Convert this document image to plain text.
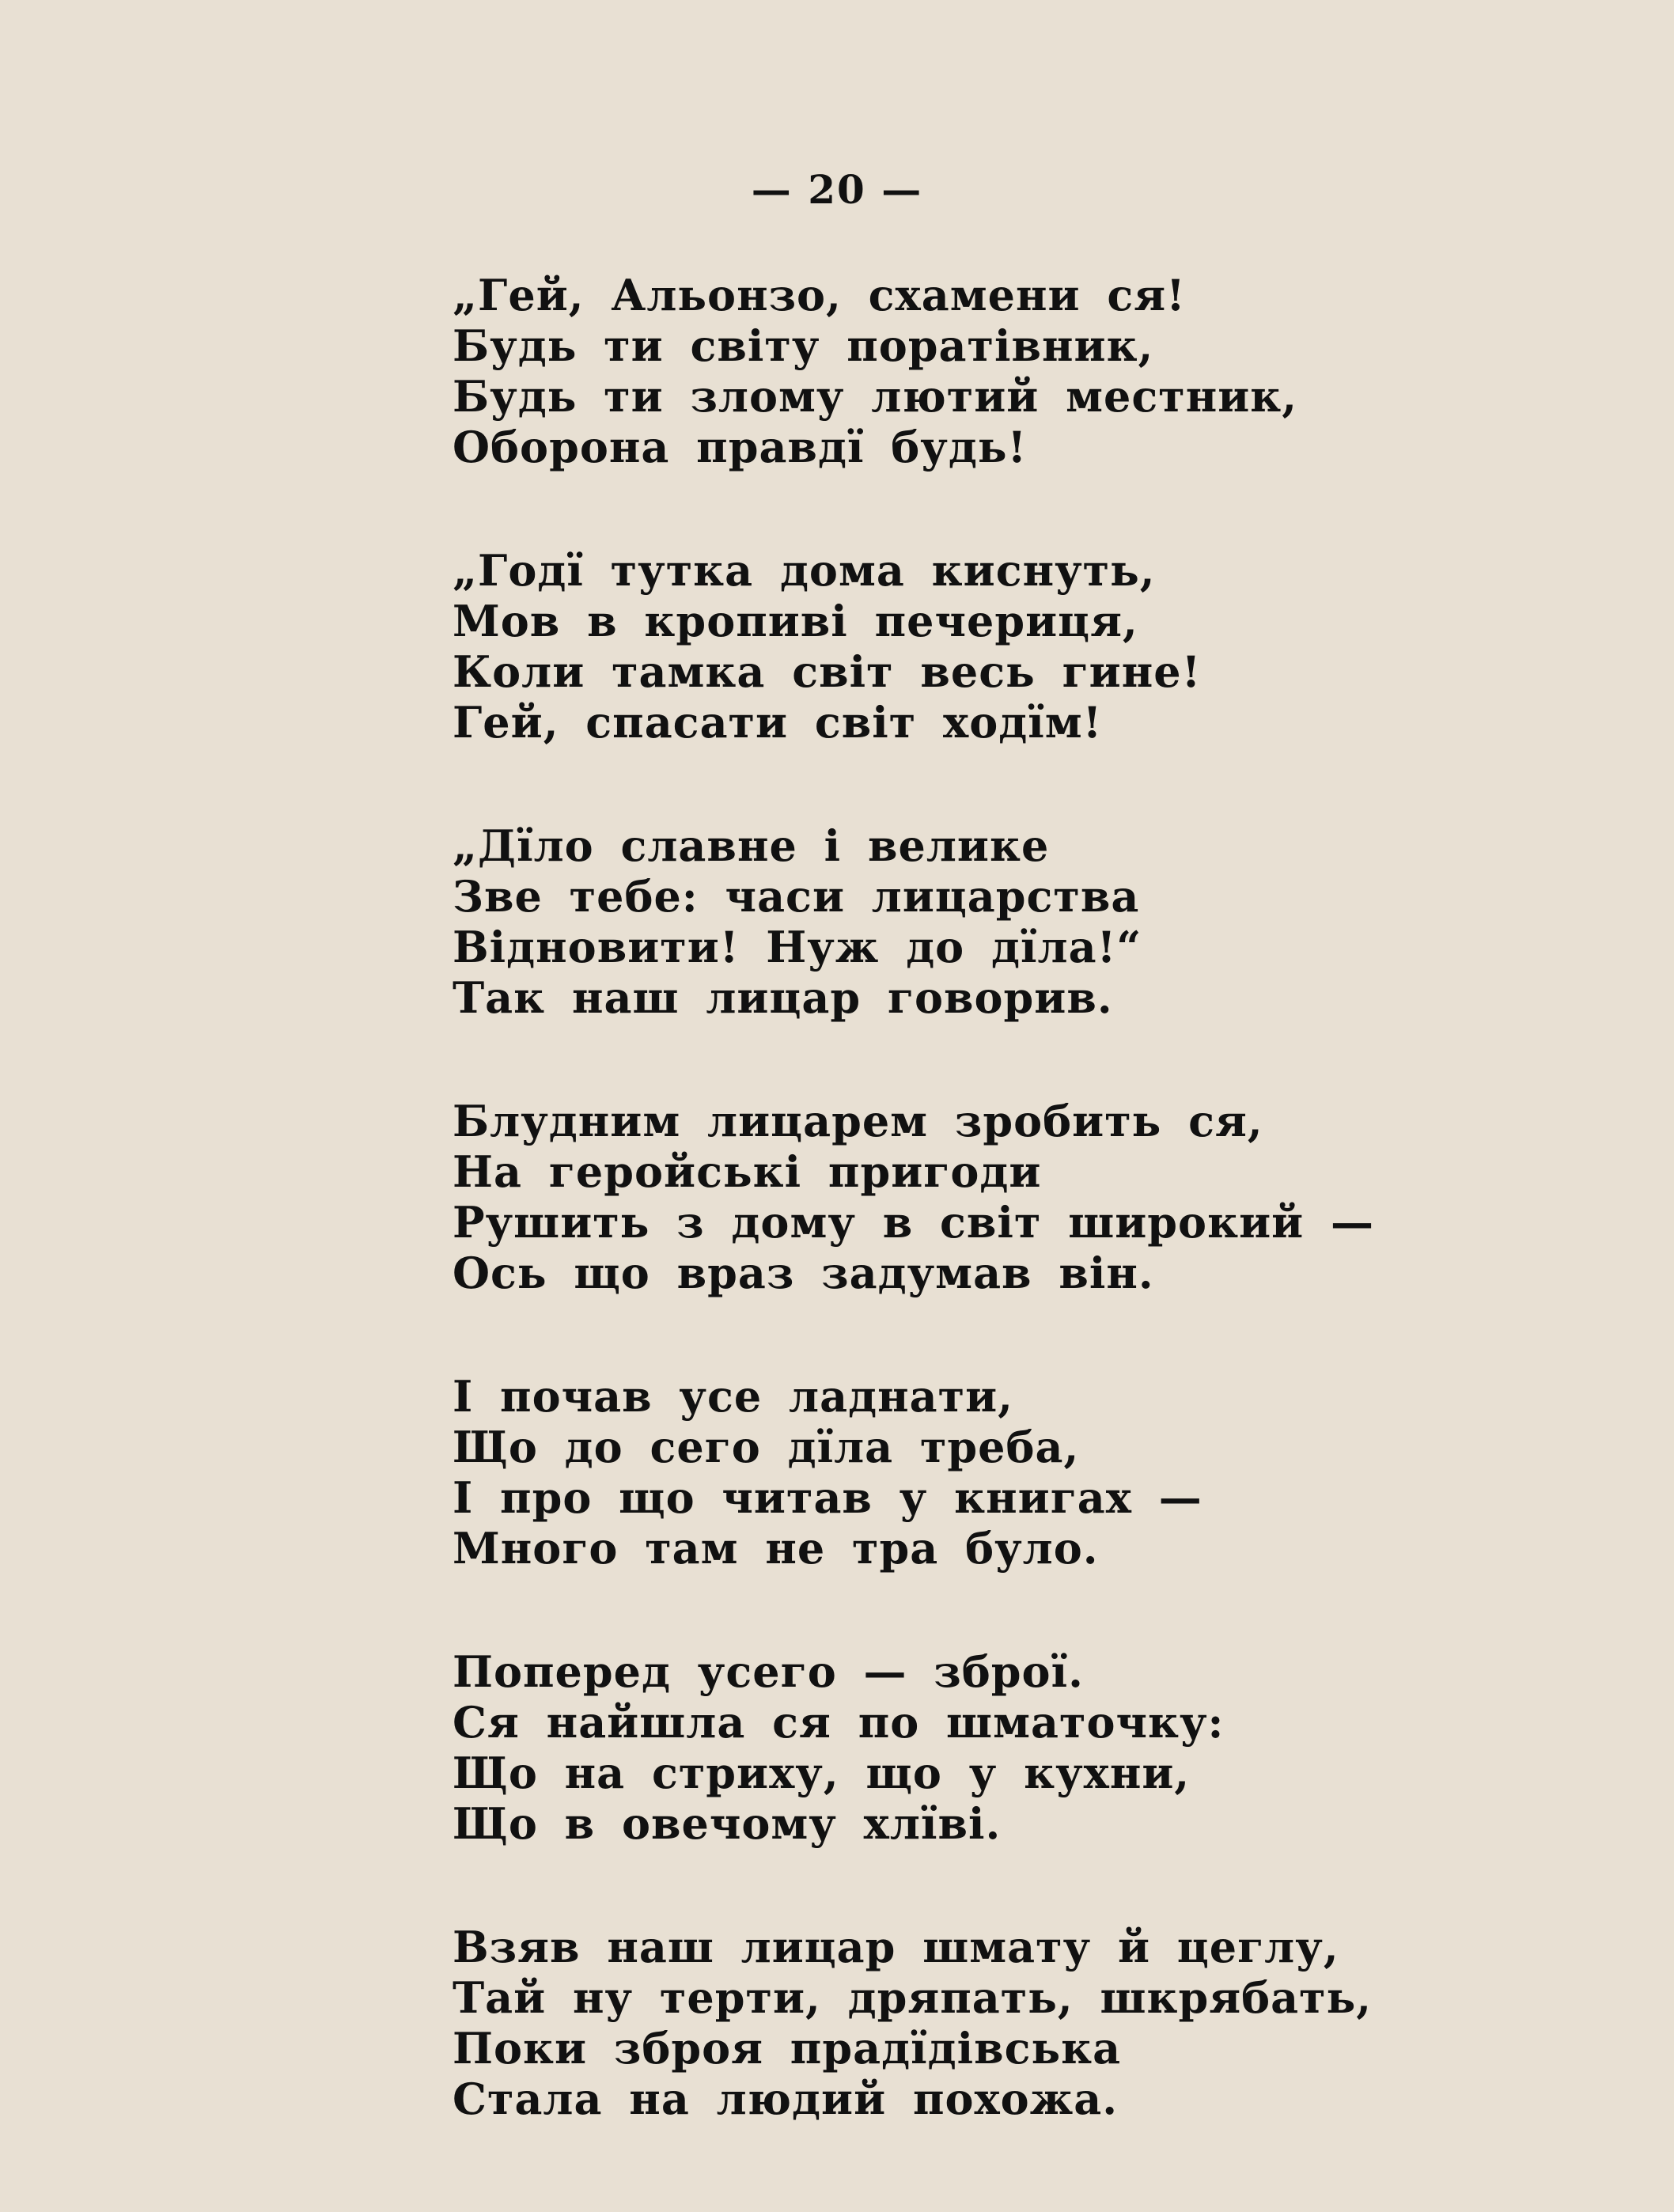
— 20 —
„Гей, Альонзо, схамени ся!
Будь ти світу поратівник,
Будь ти злому лютий местник,
Оборона правдї будь!
„Годї тутка дома киснуть,
Мов в кропиві печериця,
Коли тамка світ весь гине!
Гей, спасати світ ходїм!
„Дїло славне і велике
Зве тебе: часи лицарства
Відновити! Нуж до дїла!“
Так наш лицар говорив.
Блудним лицарем зробить ся,
На геройські пригоди
Рушить з дому в світ широкий —
Ось що враз задумав він.
І почав усе ладнати,
Що до сего дїла треба,
І про що читав у книгах —
Много там не тра було.
Поперед усего — зброї.
Ся найшла ся по шматочку:
Що на стриху, що у кухни,
Що в овечому хлїві.
Взяв наш лицар шмату й цеглу,
Тай ну терти, дряпать, шкрябать,
Поки зброя прадїдівська
Стала на людий похожа.
